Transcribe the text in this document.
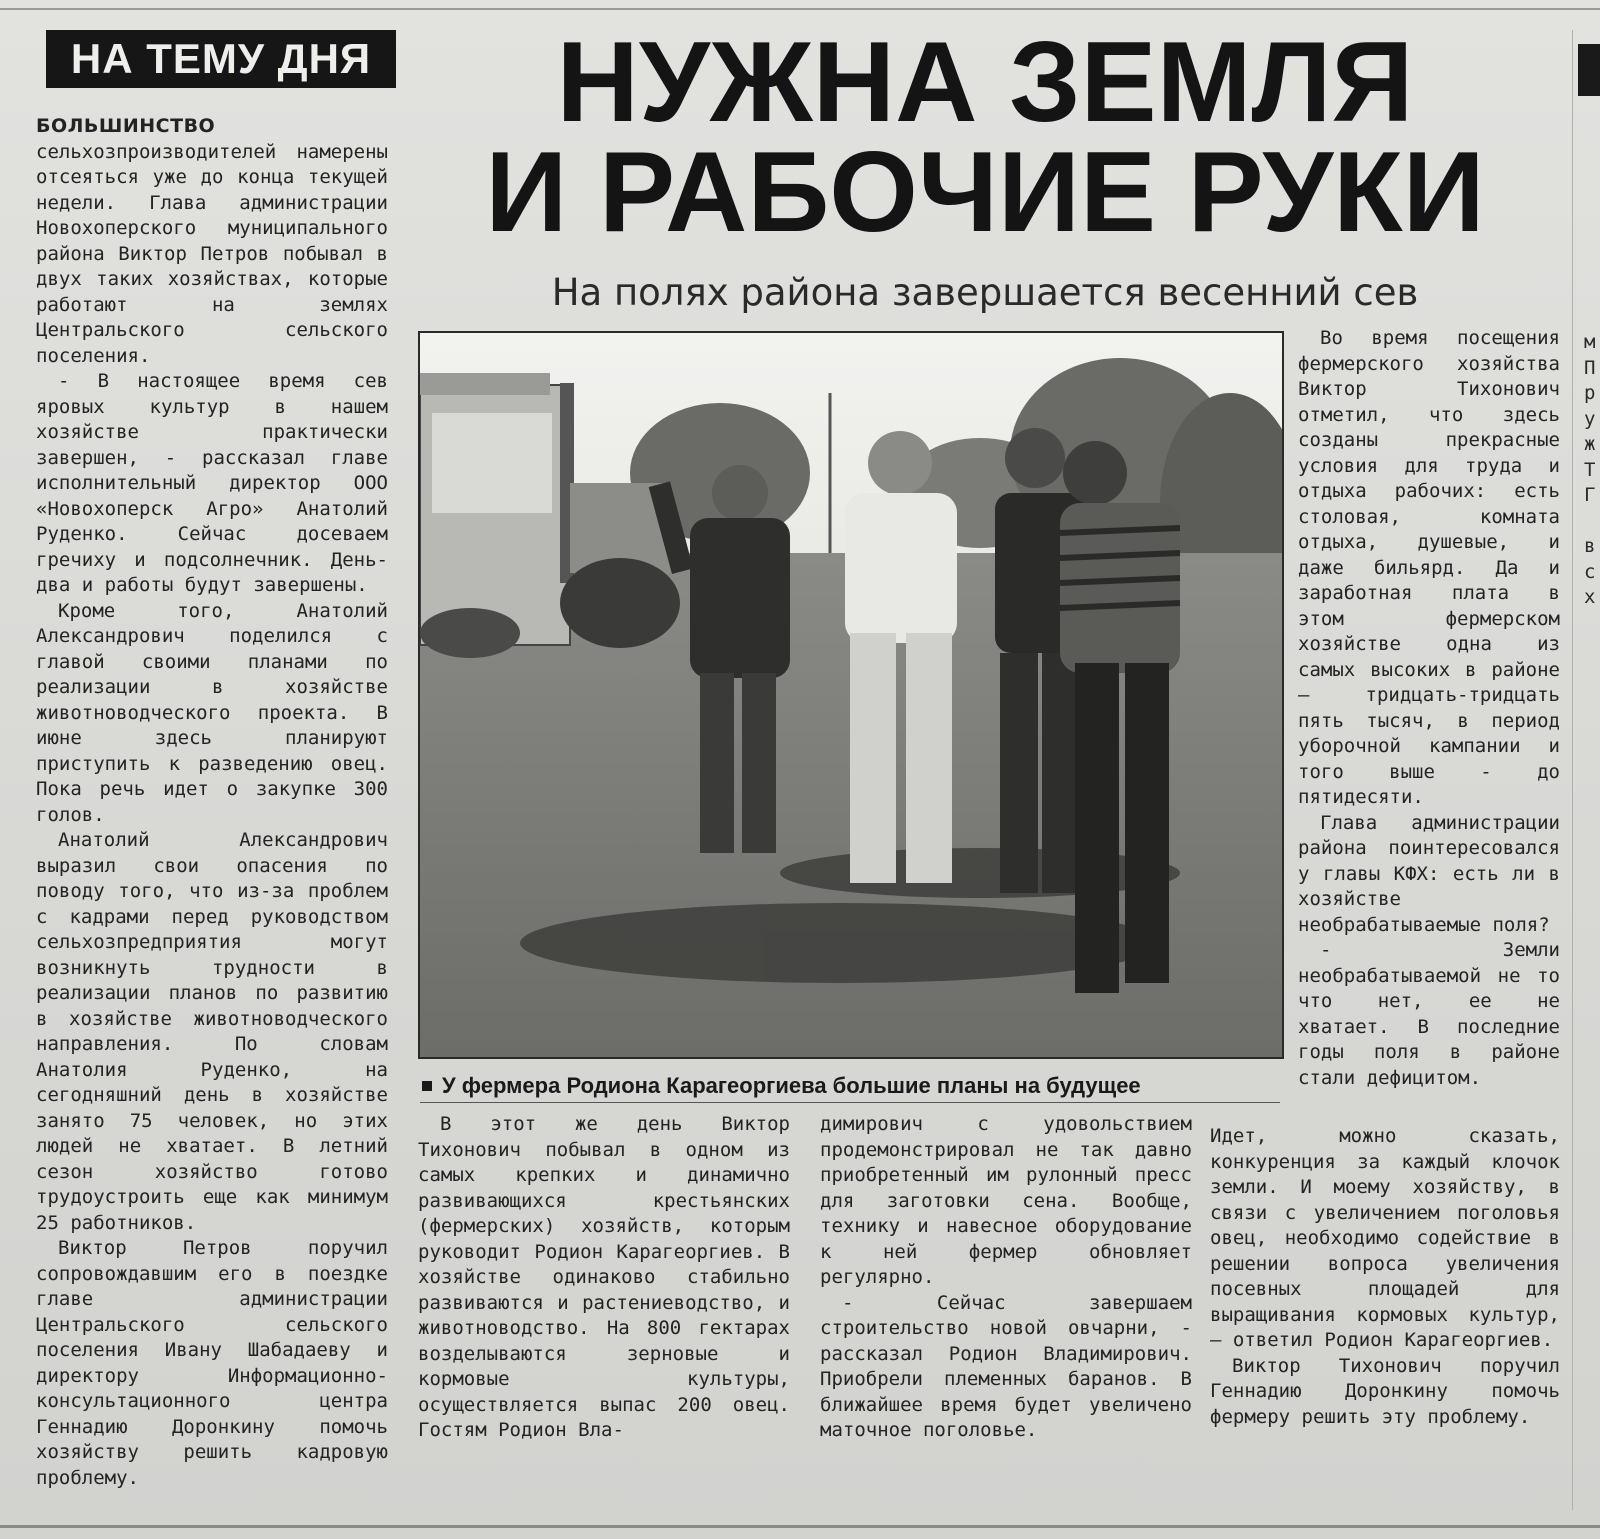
НА ТЕМУ ДНЯ	НУЖНА ЗЕМЛЯ
И РАБОЧИЕ РУКИ
На полях района завершается весенний сев

БОЛЬШИНСТВО сельхозпроизводителей намерены отсеяться уже до конца текущей недели. Глава администрации Новохоперского муниципального района Виктор Петров побывал в двух таких хозяйствах, которые работают на землях Центральского сельского поселения.

- В настоящее время сев яровых культур в нашем хозяйстве практически завершен, - рассказал главе исполнительный директор ООО «Новохоперск Агро» Анатолий Руденко. Сейчас досеваем гречиху и подсолнечник. День-два и работы будут завершены.

Кроме того, Анатолий Александрович поделился с главой своими планами по реализации в хозяйстве животноводческого проекта. В июне здесь планируют приступить к разведению овец. Пока речь идет о закупке 300 голов.

Анатолий Александрович выразил свои опасения по поводу того, что из-за проблем с кадрами перед руководством сельхозпредприятия могут возникнуть трудности в реализации планов по развитию в хозяйстве животноводческого направления. По словам Анатолия Руденко, на сегодняшний день в хозяйстве занято 75 человек, но этих людей не хватает. В летний сезон хозяйство готово трудоустроить еще как минимум 25 работников.

Виктор Петров поручил сопровождавшим его в поездке главе администрации Центральского сельского поселения Ивану Шабадаеву и директору Информационно-консультационного центра Геннадию Доронкину помочь хозяйству решить кадровую проблему.

У фермера Родиона Карагеоргиева большие планы на будущее

Во время посещения фермерского хозяйства Виктор Тихонович отметил, что здесь созданы прекрасные условия для труда и отдыха рабочих: есть столовая, комната отдыха, душевые, и даже бильярд. Да и заработная плата в этом фермерском хозяйстве одна из самых высоких в районе — тридцать-тридцать пять тысяч, в период уборочной кампании и того выше - до пятидесяти.

Глава администрации района поинтересовался у главы КФХ: есть ли в хозяйстве необрабатываемые поля?

- Земли необрабатываемой не то что нет, ее не хватает. В последние годы поля в районе стали дефицитом.

Идет, можно сказать, конкуренция за каждый клочок земли. И моему хозяйству, в связи с увеличением поголовья овец, необходимо содействие в решении вопроса увеличения посевных площадей для выращивания кормовых культур, — ответил Родион Карагеоргиев.

Виктор Тихонович поручил Геннадию Доронкину помочь фермеру решить эту проблему.

В этот же день Виктор Тихонович побывал в одном из самых крепких и динамично развивающихся крестьянских (фермерских) хозяйств, которым руководит Родион Карагеоргиев. В хозяйстве одинаково стабильно развиваются и растениеводство, и животноводство. На 800 гектарах возделываются зерновые и кормовые культуры, осуществляется выпас 200 овец. Гостям Родион Вла-

димирович с удовольствием продемонстрировал не так давно приобретенный им рулонный пресс для заготовки сена. Вообще, технику и навесное оборудование к ней фермер обновляет регулярно.

- Сейчас завершаем строительство новой овчарни, - рассказал Родион Владимирович. Приобрели племенных баранов. В ближайшее время будет увеличено маточное поголовье.

м
П
р
у
ж
Т
Г

в
с
х
